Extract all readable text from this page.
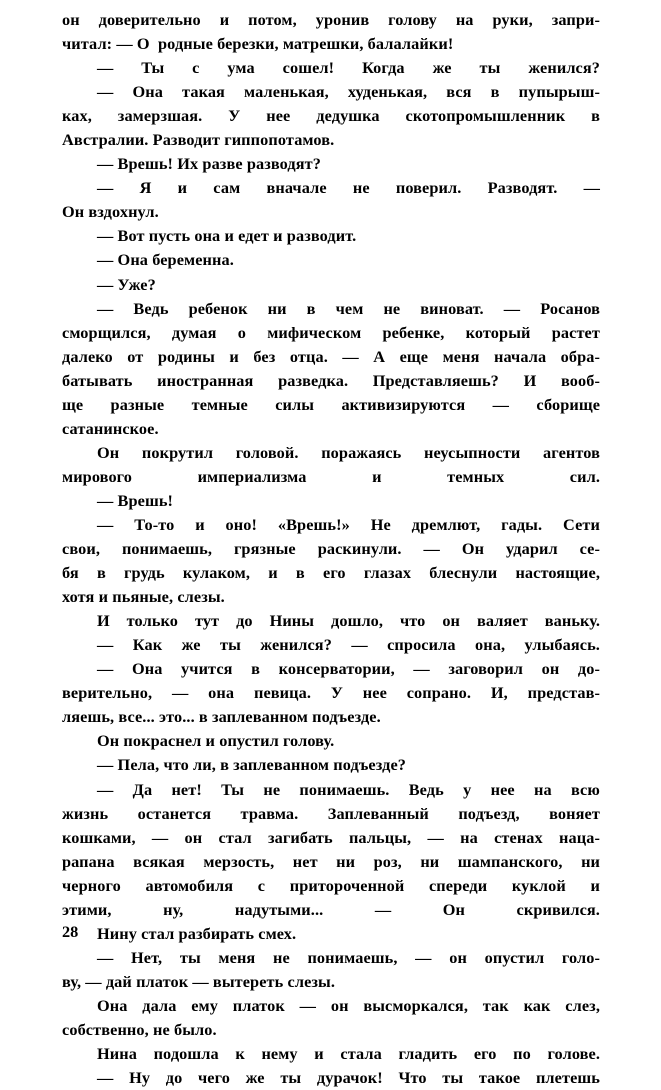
он доверительно и потом, уронив голову на руки, запри-
читал: — О  родные березки, матрешки, балалайки!
— Ты с ума сошел! Когда же ты женился?
— Она такая маленькая, худенькая, вся в пупырыш-
ках, замерзшая. У нее дедушка скотопромышленник в
Австралии. Разводит гиппопотамов.
— Врешь! Их разве разводят?
— Я и сам вначале не поверил. Разводят. —
Он вздохнул.
— Вот пусть она и едет и разводит.
— Она беременна.
— Уже?
— Ведь ребенок ни в чем не виноват. — Росанов
сморщился, думая о мифическом ребенке, который растет
далеко от родины и без отца. — А еще меня начала обра-
батывать иностранная разведка. Представляешь? И вооб-
ще разные темные силы активизируются — сборище
сатанинское.
Он покрутил головой. поражаясь неусыпности агентов
мирового	империализма	и	темных	сил.
— Врешь!
— То-то и оно! «Врешь!» Не дремлют, гады. Сети
свои, понимаешь, грязные раскинули. — Он ударил се-
бя в грудь кулаком, и в его глазах блеснули настоящие,
хотя и пьяные, слезы.
И только тут до Нины дошло, что он валяет ваньку.
— Как же ты женился? — спросила она, улыбаясь.
— Она учится в консерватории, — заговорил он до-
верительно, — она певица. У нее сопрано. И, представ-
ляешь, все... это... в заплеванном подъезде.
Он покраснел и опустил голову.
— Пела, что ли, в заплеванном подъезде?
— Да нет! Ты не понимаешь. Ведь у нее на всю
жизнь останется травма. Заплеванный подъезд, воняет
кошками, — он стал загибать пальцы, — на стенах наца-
рапана всякая мерзость, нет ни роз, ни шампанского, ни
черного автомобиля с притороченной спереди куклой и
этими,	ну,	надутыми...	—	Он	скривился.
Нину стал разбирать смех.
— Нет, ты меня не понимаешь, — он опустил голо-
ву, — дай платок — вытереть слезы.
Она дала ему платок — он высморкался, так как слез,
собственно, не было.
Нина подошла к нему и стала гладить его по голове.
— Ну до чего же ты дурачок! Что ты такое плетешь
28
